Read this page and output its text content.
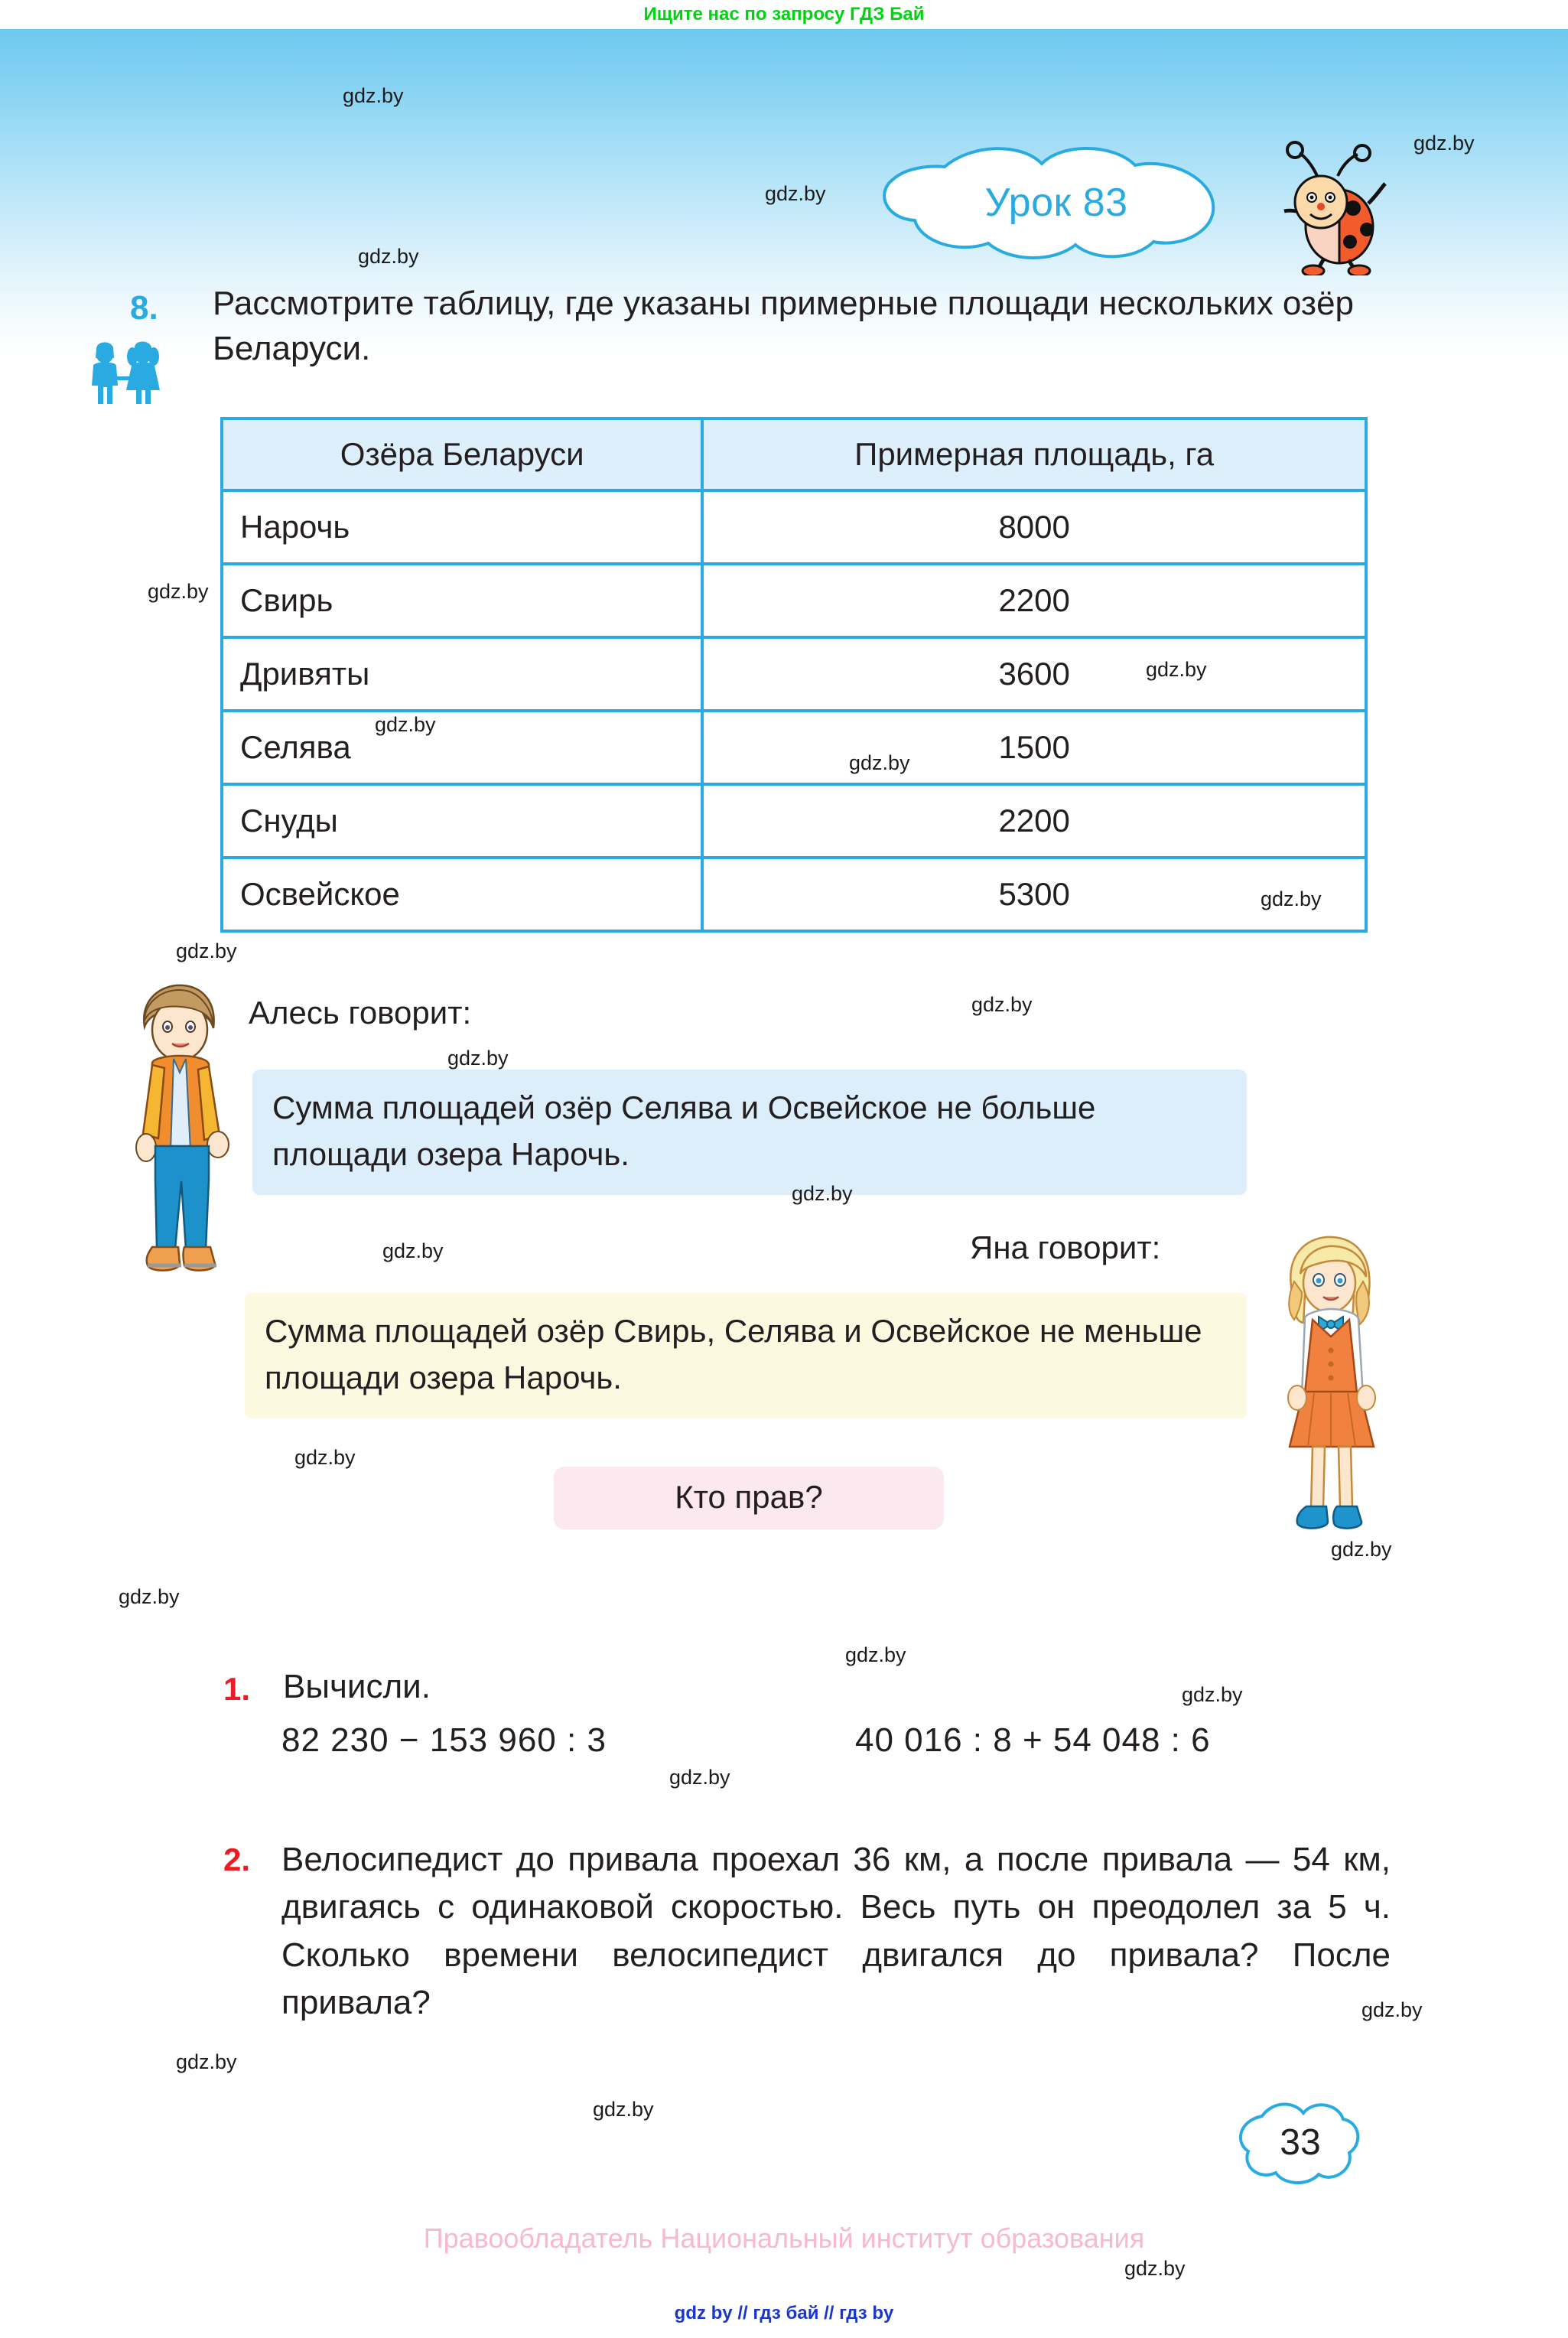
Ищите нас по запросу ГДЗ Бай
Урок 83
8. Рассмотрите таблицу, где указаны примерные площади нескольких озёр Беларуси.
Озёра Беларуси	Примерная площадь, га
Нарочь	8000
Свирь	2200
Дривяты	3600
Селява	1500
Снуды	2200
Освейское	5300
Алесь говорит:
Сумма площадей озёр Селява и Освейское не больше площади озера Нарочь.
Яна говорит:
Сумма площадей озёр Свирь, Селява и Освейское не меньше площади озера Нарочь.
Кто прав?
1. Вычисли.
82 230 − 153 960 : 3	40 016 : 8 + 54 048 : 6
2. Велосипедист до привала проехал 36 км, а после привала — 54 км, двигаясь с одинаковой скоростью. Весь путь он преодолел за 5 ч. Сколько времени велосипедист двигался до привала? После привала?
33
Правообладатель Национальный институт образования
gdz by // гдз бай // гдз by
gdz.by
gdz.by
gdz.by
gdz.by
gdz.by
gdz.by
gdz.by
gdz.by
gdz.by
gdz.by
gdz.by
gdz.by
gdz.by
gdz.by
gdz.by
gdz.by
gdz.by
gdz.by
gdz.by
gdz.by
gdz.by
gdz.by
gdz.by
gdz.by
